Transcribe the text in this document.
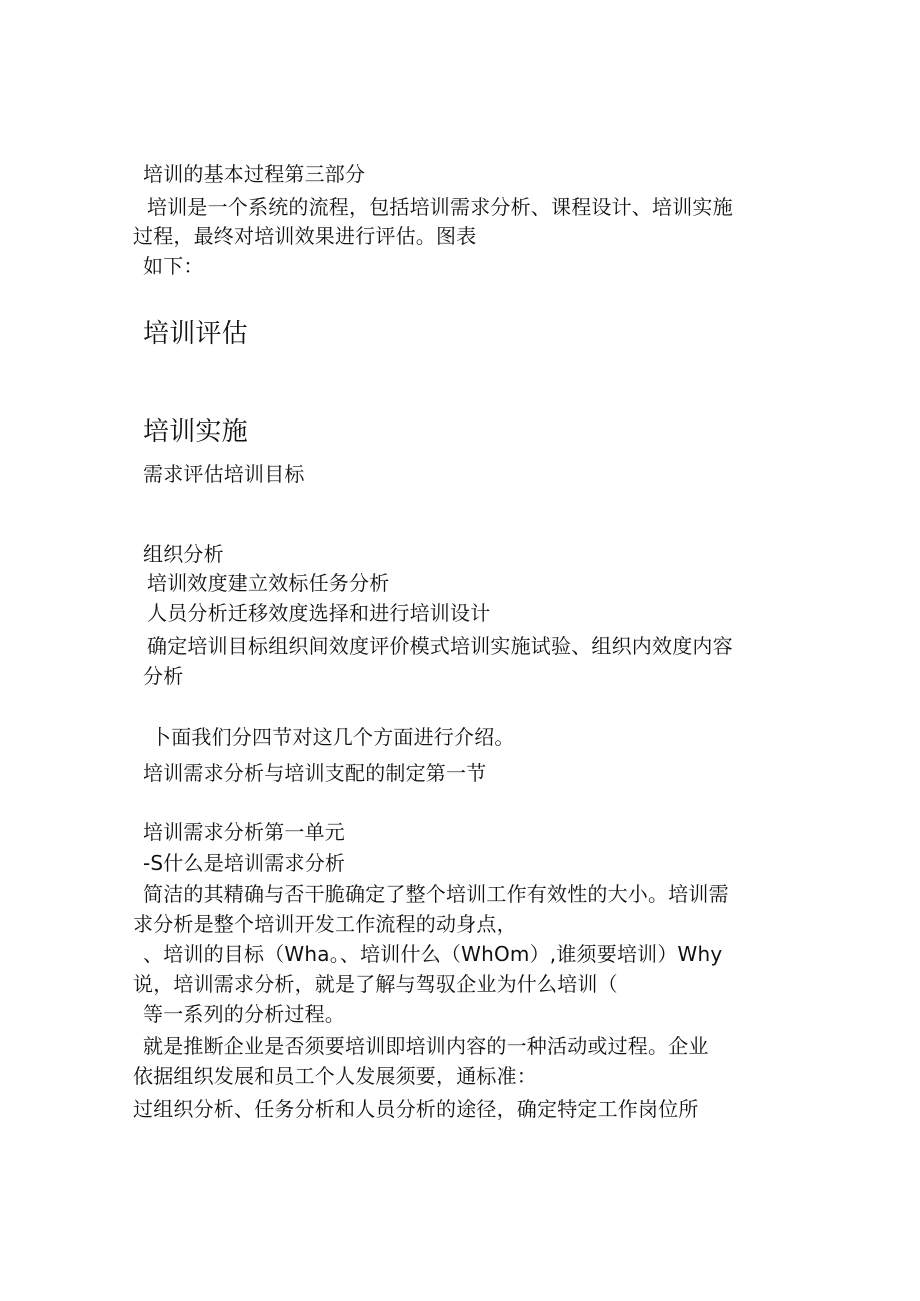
培训的基本过程第三部分
培训是一个系统的流程，包括培训需求分析、课程设计、培训实施
过程，最终对培训效果进行评估。图表
如下：
培训评估
培训实施
需求评估培训目标
组织分析
培训效度建立效标任务分析
人员分析迁移效度选择和进行培训设计
确定培训目标组织间效度评价模式培训实施试验、组织内效度内容
分析
卜面我们分四节对这几个方面进行介绍。
培训需求分析与培训支配的制定第一节
培训需求分析第一单元
-S什么是培训需求分析
简洁的其精确与否干脆确定了整个培训工作有效性的大小。培训需
求分析是整个培训开发工作流程的动身点，
、培训的目标（Wha。、培训什么（WhOm）,谁须要培训）Why
说，培训需求分析，就是了解与驾驭企业为什么培训（
等一系列的分析过程。
就是推断企业是否须要培训即培训内容的一种活动或过程。企业
依据组织发展和员工个人发展须要，通标准：
过组织分析、任务分析和人员分析的途径，确定特定工作岗位所
